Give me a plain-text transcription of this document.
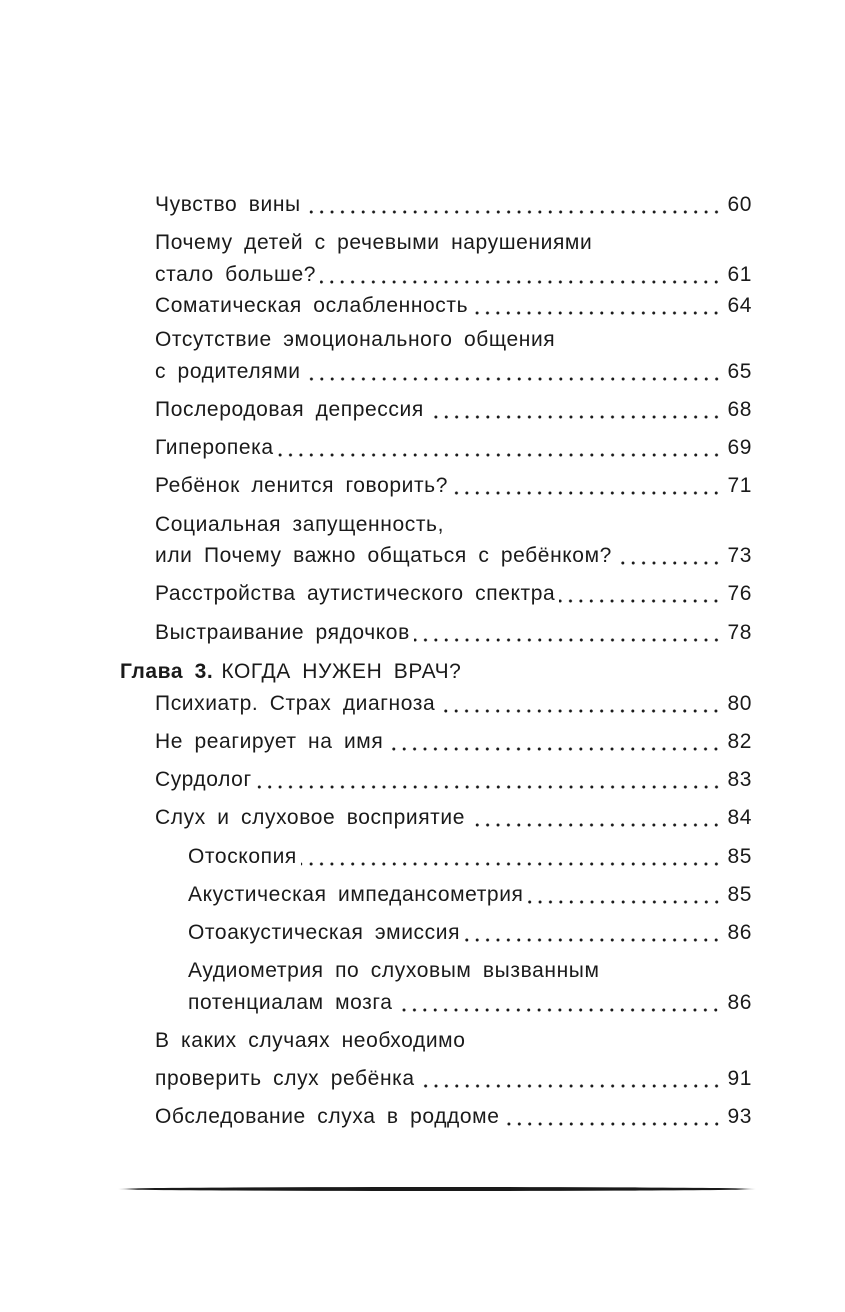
Чувство вины	60
Почему детей с речевыми нарушениями
стало больше?	61
Соматическая ослабленность	64
Отсутствие эмоционального общения
с родителями	65
Послеродовая депрессия	68
Гиперопека	69
Ребёнок ленится говорить?	71
Социальная запущенность,
или Почему важно общаться с ребёнком?	73
Расстройства аутистического спектра	76
Выстраивание рядочков	78
Глава 3. КОГДА НУЖЕН ВРАЧ?
Психиатр. Страх диагноза	80
Не реагирует на имя	82
Сурдолог	83
Слух и слуховое восприятие	84
Отоскопия	85
Акустическая импедансометрия	85
Отоакустическая эмиссия	86
Аудиометрия по слуховым вызванным
потенциалам мозга	86
В каких случаях необходимо
проверить слух ребёнка	91
Обследование слуха в роддоме	93
